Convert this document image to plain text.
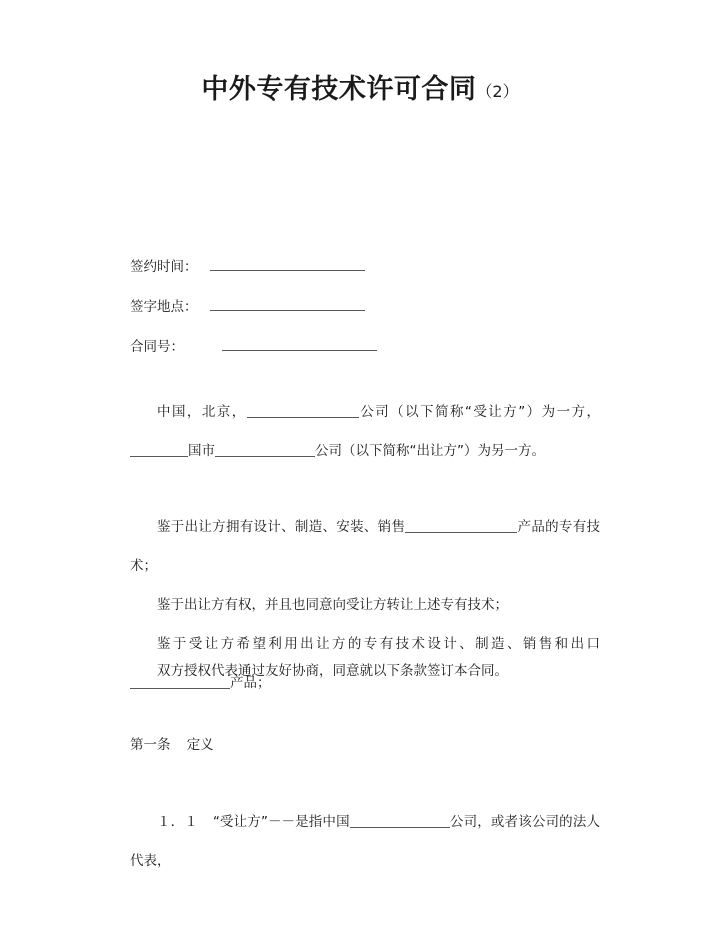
中外专有技术许可合同（2）
签约时间：
签字地点：
合同号：

中国，北京，	公司（以下简称“受让方”）为一方，国市	公司（以下简称“出让方”）为另一方。

鉴于出让方拥有设计、制造、安装、销售	产品的专有技术；

鉴于出让方有权，并且也同意向受让方转让上述专有技术；

鉴于受让方希望利用出让方的专有技术设计、制造、销售和出口产品；

双方授权代表通过友好协商，同意就以下条款签订本合同。

第一条 定义

１．１ “受让方”－－是指中国	公司，或者该公司的法人代表，
